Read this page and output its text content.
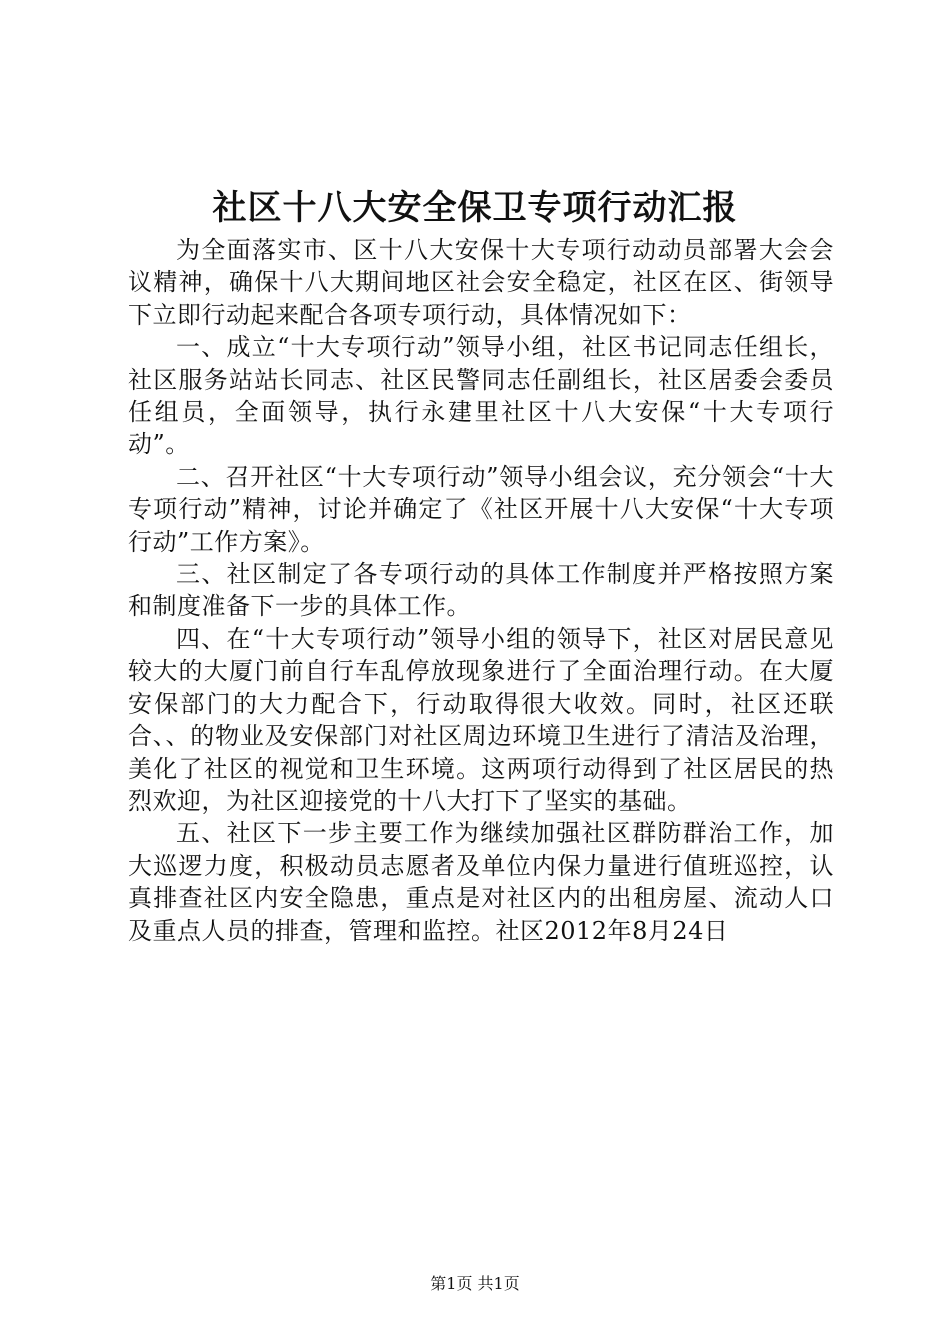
社区十八大安全保卫专项行动汇报

为全面落实市、区十八大安保十大专项行动动员部署大会会议精神，确保十八大期间地区社会安全稳定，社区在区、街领导下立即行动起来配合各项专项行动，具体情况如下：

一、成立“十大专项行动”领导小组，社区书记同志任组长，社区服务站站长同志、社区民警同志任副组长，社区居委会委员任组员，全面领导，执行永建里社区十八大安保“十大专项行动”。

二、召开社区“十大专项行动”领导小组会议，充分领会“十大专项行动”精神，讨论并确定了《社区开展十八大安保“十大专项行动”工作方案》。

三、社区制定了各专项行动的具体工作制度并严格按照方案和制度准备下一步的具体工作。

四、在“十大专项行动”领导小组的领导下，社区对居民意见较大的大厦门前自行车乱停放现象进行了全面治理行动。在大厦安保部门的大力配合下，行动取得很大收效。同时，社区还联合、、的物业及安保部门对社区周边环境卫生进行了清洁及治理，美化了社区的视觉和卫生环境。这两项行动得到了社区居民的热烈欢迎，为社区迎接党的十八大打下了坚实的基础。

五、社区下一步主要工作为继续加强社区群防群治工作，加大巡逻力度，积极动员志愿者及单位内保力量进行值班巡控，认真排查社区内安全隐患，重点是对社区内的出租房屋、流动人口及重点人员的排查，管理和监控。社区2012年8月24日

第1页 共1页
